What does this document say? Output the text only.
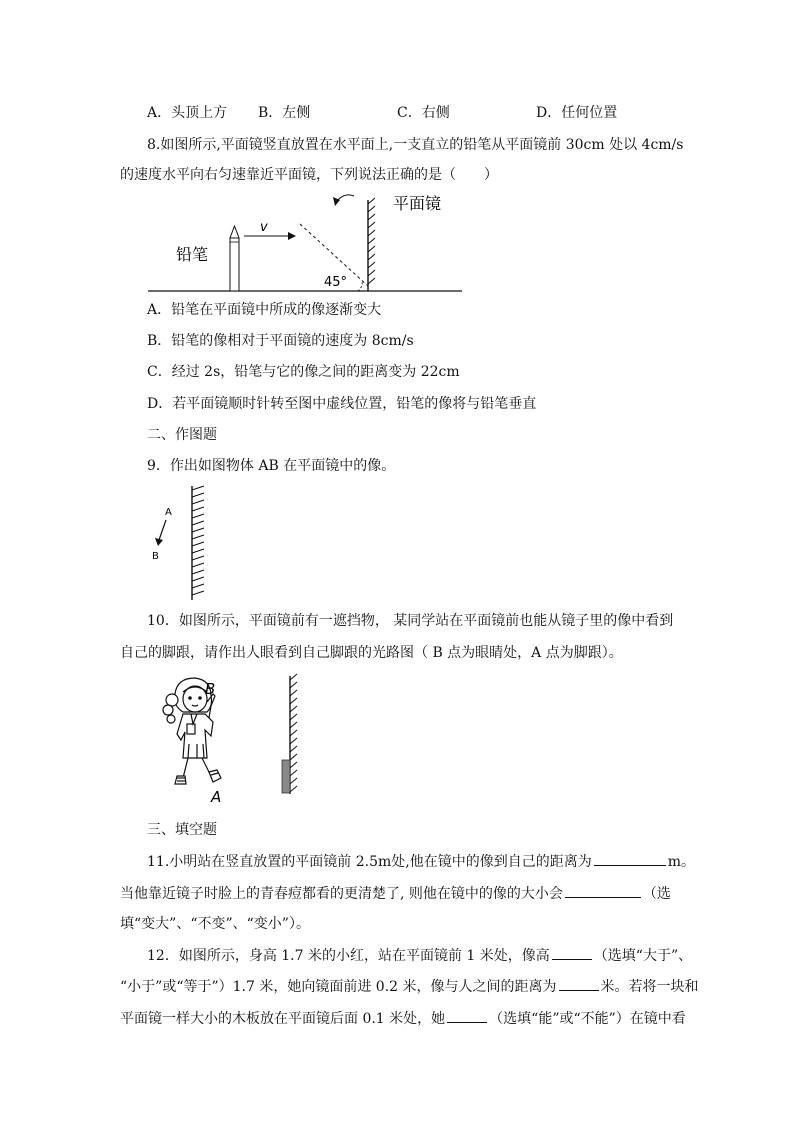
A．头顶上方 B．左侧	C．右侧	D．任何位置
8.如图所示,平面镜竖直放置在水平面上,一支直立的铅笔从平面镜前 30cm 处以 4cm/s
的速度水平向右匀速靠近平面镜，下列说法正确的是（　　）
铅笔
v
45°
平面镜
A．铅笔在平面镜中所成的像逐渐变大
B．铅笔的像相对于平面镜的速度为 8cm/s
C．经过 2s，铅笔与它的像之间的距离变为 22cm
D．若平面镜顺时针转至图中虚线位置，铅笔的像将与铅笔垂直
二、作图题
9．作出如图物体 AB 在平面镜中的像。
A
B
10．如图所示，平面镜前有一遮挡物， 某同学站在平面镜前也能从镜子里的像中看到
自己的脚跟，请作出人眼看到自己脚跟的光路图（ B 点为眼睛处，A 点为脚跟）。
B
A
三、填空题
11.小明站在竖直放置的平面镜前 2.5m处,他在镜中的像到自己的距离为	m。
当他靠近镜子时脸上的青春痘都看的更清楚了, 则他在镜中的像的大小会	（选
填“变大”、“不变”、“变小”）。
12．如图所示，身高 1.7 米的小红，站在平面镜前 1 米处，像高	（选填“大于”、
“小于”或“等于”）1.7 米，她向镜面前进 0.2 米，像与人之间的距离为	米。若将一块和
平面镜一样大小的木板放在平面镜后面 0.1 米处，她	（选填“能”或“不能”）在镜中看
